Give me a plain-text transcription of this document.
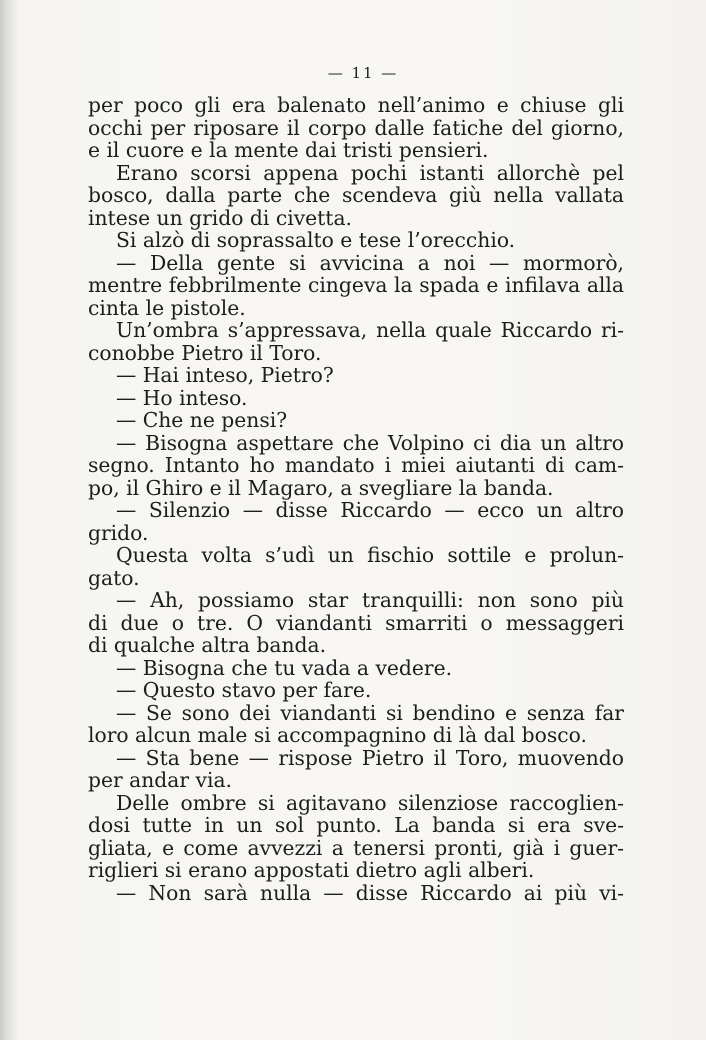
— 11 —
per poco gli era balenato nell’animo e chiuse gli
occhi per riposare il corpo dalle fatiche del giorno,
e il cuore e la mente dai tristi pensieri.
Erano scorsi appena pochi istanti allorchè pel
bosco, dalla parte che scendeva giù nella vallata
intese un grido di civetta.
Si alzò di soprassalto e tese l’orecchio.
— Della gente si avvicina a noi — mormorò,
mentre febbrilmente cingeva la spada e infilava alla
cinta le pistole.
Un’ombra s’appressava, nella quale Riccardo ri-
conobbe Pietro il Toro.
— Hai inteso, Pietro?
— Ho inteso.
— Che ne pensi?
— Bisogna aspettare che Volpino ci dia un altro
segno. Intanto ho mandato i miei aiutanti di cam-
po, il Ghiro e il Magaro, a svegliare la banda.
— Silenzio — disse Riccardo — ecco un altro
grido.
Questa volta s’udì un fischio sottile e prolun-
gato.
— Ah, possiamo star tranquilli: non sono più
di due o tre. O viandanti smarriti o messaggeri
di qualche altra banda.
— Bisogna che tu vada a vedere.
— Questo stavo per fare.
— Se sono dei viandanti si bendino e senza far
loro alcun male si accompagnino di là dal bosco.
— Sta bene — rispose Pietro il Toro, muovendo
per andar via.
Delle ombre si agitavano silenziose raccoglien-
dosi tutte in un sol punto. La banda si era sve-
gliata, e come avvezzi a tenersi pronti, già i guer-
riglieri si erano appostati dietro agli alberi.
— Non sarà nulla — disse Riccardo ai più vi-
